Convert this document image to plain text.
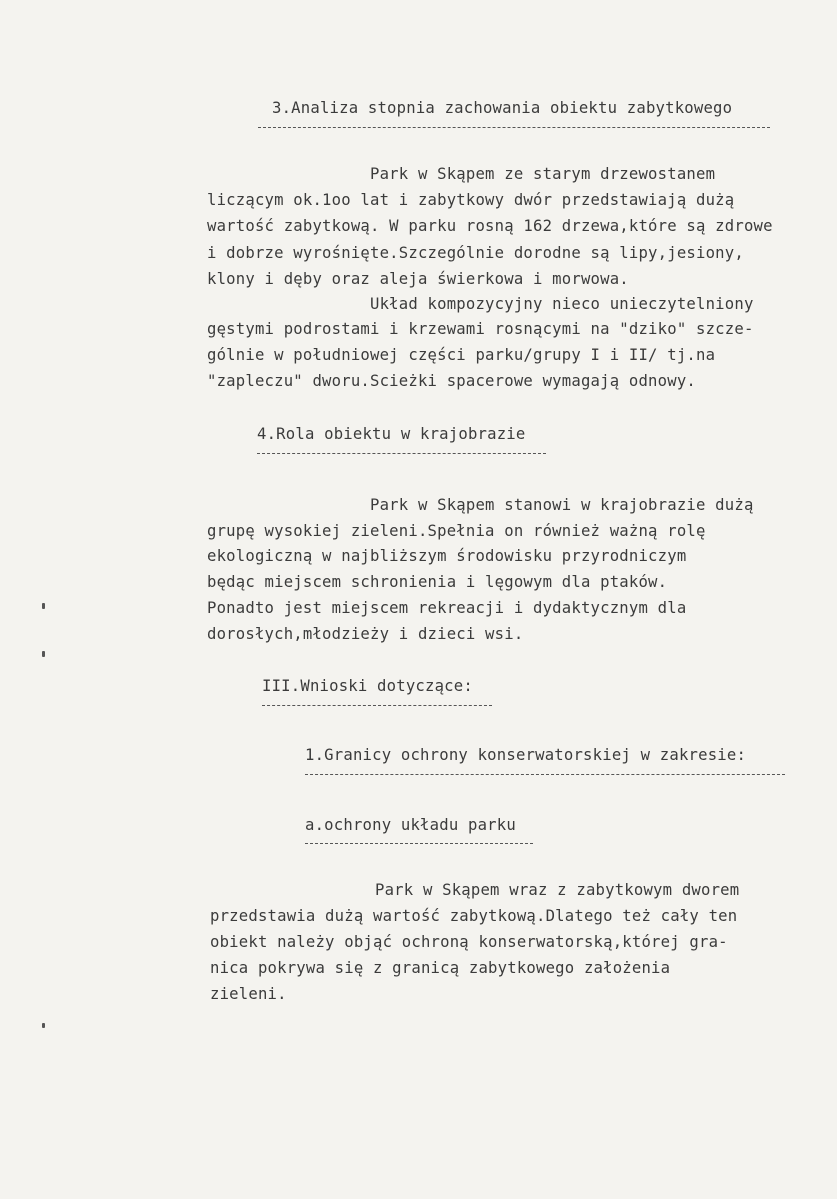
3.Analiza stopnia zachowania obiektu zabytkowego
Park w Skąpem ze starym drzewostanem
liczącym ok.1oo lat i zabytkowy dwór przedstawiają dużą
wartość zabytkową. W parku rosną 162 drzewa,które są zdrowe
i dobrze wyrośnięte.Szczególnie dorodne są lipy,jesiony,
klony i dęby oraz aleja świerkowa i morwowa.
Układ kompozycyjny nieco unieczytelniony
gęstymi podrostami i krzewami rosnącymi na "dziko" szcze-
gólnie w południowej części parku/grupy I i II/ tj.na
"zapleczu" dworu.Scieżki spacerowe wymagają odnowy.
4.Rola obiektu w krajobrazie
Park w Skąpem stanowi w krajobrazie dużą
grupę wysokiej zieleni.Spełnia on również ważną rolę
ekologiczną w najbliższym środowisku przyrodniczym
będąc miejscem schronienia i lęgowym dla ptaków.
Ponadto jest miejscem rekreacji i dydaktycznym dla
dorosłych,młodzieży i dzieci wsi.
III.Wnioski dotyczące:
1.Granicy ochrony konserwatorskiej w zakresie:
a.ochrony układu parku
Park w Skąpem wraz z zabytkowym dworem
przedstawia dużą wartość zabytkową.Dlatego też cały ten
obiekt należy objąć ochroną konserwatorską,której gra-
nica pokrywa się z granicą zabytkowego założenia
zieleni.
